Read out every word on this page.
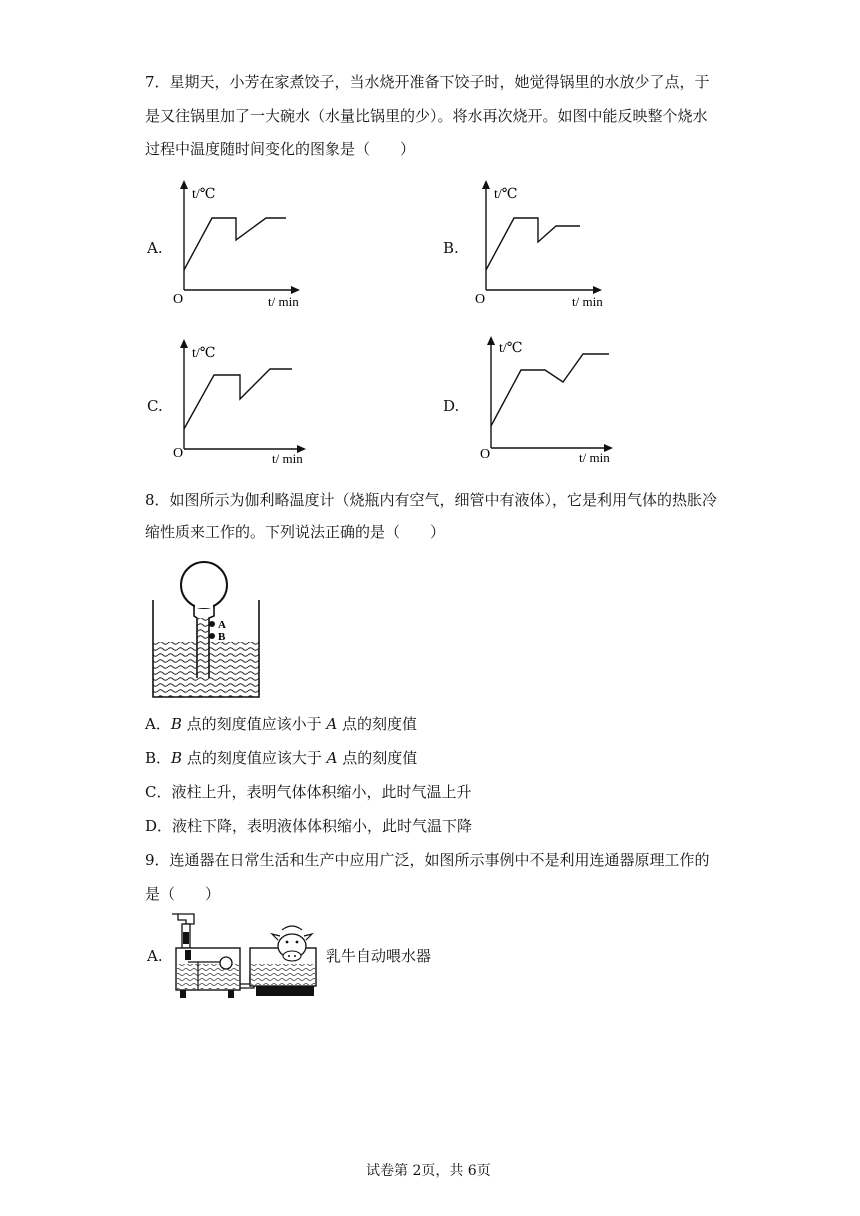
7．星期天，小芳在家煮饺子，当水烧开准备下饺子时，她觉得锅里的水放少了点，于
是又往锅里加了一大碗水（水量比锅里的少）。将水再次烧开。如图中能反映整个烧水
过程中温度随时间变化的图象是（　　）
A.
t/℃
O	t/ min
B.
t/℃
O	t/ min
C.
t/℃
O	t/ min
D.
t/℃
O	t/ min
8．如图所示为伽利略温度计（烧瓶内有空气，细管中有液体），它是利用气体的热胀冷
缩性质来工作的。下列说法正确的是（　　）
A
B
A．B 点的刻度值应该小于 A 点的刻度值
B．B 点的刻度值应该大于 A 点的刻度值
C．液柱上升，表明气体体积缩小，此时气温上升
D．液柱下降，表明液体体积缩小，此时气温下降
9．连通器在日常生活和生产中应用广泛，如图所示事例中不是利用连通器原理工作的
是（　　）
A.	乳牛自动喂水器
试卷第 2页，共 6页
